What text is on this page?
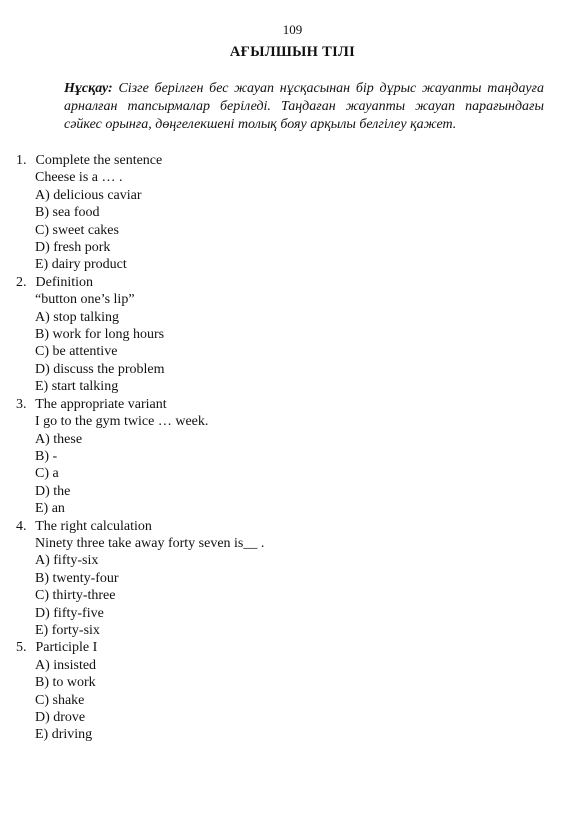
109
АҒЫЛШЫН ТІЛІ
Нұсқау: Сізге берілген бес жауап нұсқасынан бір дұрыс жауапты таңдауға арналған тапсырмалар беріледі. Таңдаған жауапты жауап парағындағы сәйкес орынға, дөңгелекшені толық бояу арқылы белгілеу қажет.
1. Complete the sentence
Cheese is a … .
A) delicious caviar
B) sea food
C) sweet cakes
D) fresh pork
E) dairy product
2. Definition
“button one’s lip”
A) stop talking
B) work for long hours
C) be attentive
D) discuss the problem
E) start talking
3. The appropriate variant
I go to the gym twice … week.
A) these
B) -
C) a
D) the
E) an
4. The right calculation
Ninety three take away forty seven is__ .
A) fifty-six
B) twenty-four
C) thirty-three
D) fifty-five
E) forty-six
5. Participle I
A) insisted
B) to work
C) shake
D) drove
E) driving
